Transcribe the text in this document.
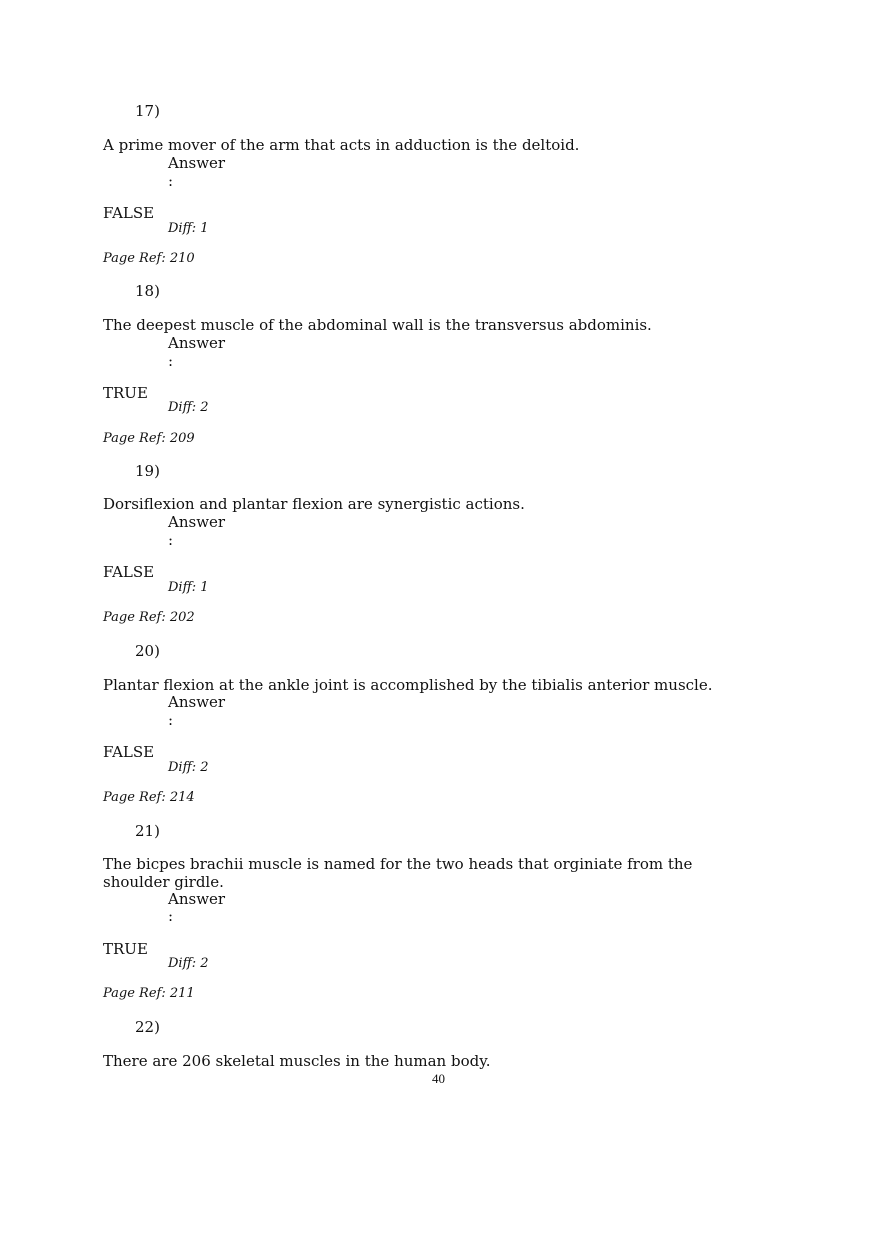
17)
A prime mover of the arm that acts in adduction is the deltoid.
Answer
:
FALSE
Diff: 1
Page Ref: 210
18)
The deepest muscle of the abdominal wall is the transversus abdominis.
Answer
:
TRUE
Diff: 2
Page Ref: 209
19)
Dorsiflexion and plantar flexion are synergistic actions.
Answer
:
FALSE
Diff: 1
Page Ref: 202
20)
Plantar flexion at the ankle joint is accomplished by the tibialis anterior muscle.
Answer
:
FALSE
Diff: 2
Page Ref: 214
21)
The bicpes brachii muscle is named for the two heads that orginiate from the shoulder girdle.
Answer
:
TRUE
Diff: 2
Page Ref: 211
22)
There are 206 skeletal muscles in the human body.
40
